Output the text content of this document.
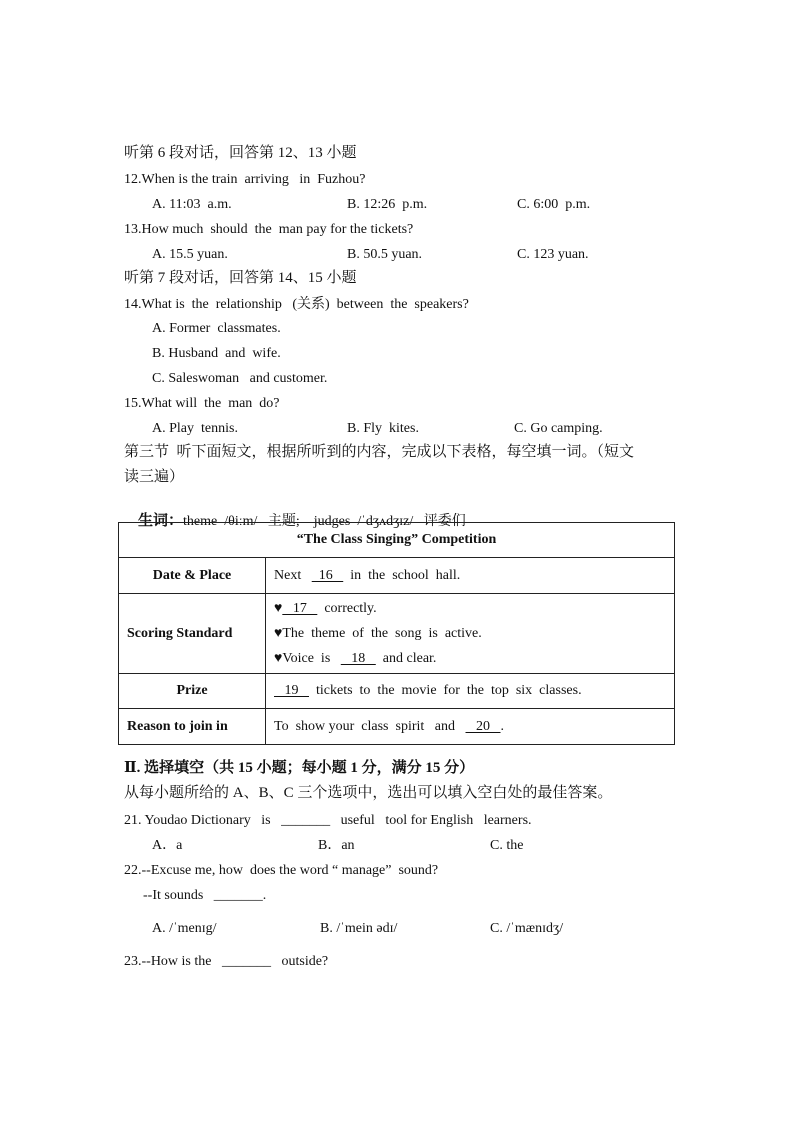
听第 6 段对话，回答第 12、13 小题
12.When is the train  arriving   in  Fuzhou?
A. 11:03  a.m.	B. 12:26  p.m.	C. 6:00  p.m.
13.How much  should  the  man pay for the tickets?
A. 15.5 yuan.	B. 50.5 yuan.	C. 123 yuan.
听第 7 段对话，回答第 14、15 小题
14.What is  the  relationship   (关系)  between  the  speakers?
A. Former  classmates.
B. Husband  and  wife.
C. Saleswoman   and customer.
15.What will  the  man  do?
A. Play  tennis.	B. Fly  kites.	C. Go camping.
第三节  听下面短文，根据所听到的内容，完成以下表格，每空填一词。（短文
读三遍）

生词：theme  /θiːm/   主题;    judges  /ˈdʒʌdʒɪz/   评委们

“The Class Singing” Competition	
Date & Place	Next     16     in  the  school  hall.
Scoring Standard	♥   17     correctly.
♥The  theme  of  the  song  is  active.
♥Voice  is      18     and clear.

Prize	19     tickets  to  the  movie  for  the  top  six  classes.
Reason to join in	To  show your  class  spirit   and      20   .
Ⅱ. 选择填空（共 15 小题；每小题 1 分，满分 15 分）
从每小题所给的 A、B、C 三个选项中，选出可以填入空白处的最佳答案。
21. Youdao Dictionary   is   _______   useful   tool for English   learners.
A．a	B．an	C. the
22.--Excuse me, how  does the word “ manage”  sound?
--It sounds   _______.
A. /ˈmenɪg/	B. /ˈmein ədɪ/	C. /ˈmænɪdʒ/
23.--How is the   _______   outside?
